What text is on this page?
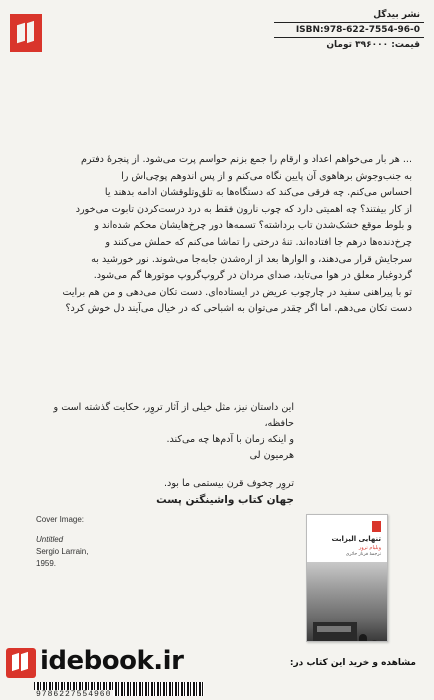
نشر بیدگل
ISBN:978-622-7554-96-0
قیمت: ۳۹۶۰۰۰ تومان
... هر بار می‌خواهم اعداد و ارقام را جمع بزنم حواسم پرت می‌شود. از پنجرهٔ دفترم
به جنب‌وجوش برهاهوی آن پایین نگاه می‌کنم و از پس اندوهم پوچی‌اش را
احساس می‌کنم. چه فرقی می‌کند که دستگاه‌ها به تلق‌وتلوقشان ادامه بدهند یا
از کار بیفتند؟ چه اهمیتی دارد که چوب نارون فقط به درد درست‌کردن تابوت می‌خورد
و بلوط موقع خشک‌شدن تاب برداشته؟ تسمه‌ها دور چرخ‌هایشان محکم شده‌اند و
چرخ‌دنده‌ها درهم جا افتاده‌اند. تنهٔ درختی را تماشا می‌کنم که حملش می‌کنند و
سرجایش قرار می‌دهند، و الوارها بعد از اره‌شدن جابه‌جا می‌شوند. نور خورشید به
گردوغبار معلق در هوا می‌تابد، صدای مردان در گروپ‌گروپ موتورها گم می‌شود.
تو با پیراهنی سفید در چارچوب عریض در ایستاده‌ای. دست تکان می‌دهی و من هم برایت
دست تکان می‌دهم. اما اگر چقدر می‌توان به اشباحی که در خیال می‌آیند دل خوش کرد؟
این داستان نیز، مثل خیلی از آثار تروِر، حکایت گذشته است و حافظه،
و اینکه زمان با آدم‌ها چه می‌کند.
هرمیون لی
تروِر چخوف قرن بیستمی ما بود.
جهان کتاب واشینگتن پست
Cover Image:
Untitled
Sergio Larrain,
1959.
تنهایی الیزابت
ویلیام ترور
ترجمهٔ فرناز حائری
9786227554960
idebook.ir	مشاهده و خرید این کتاب در:
